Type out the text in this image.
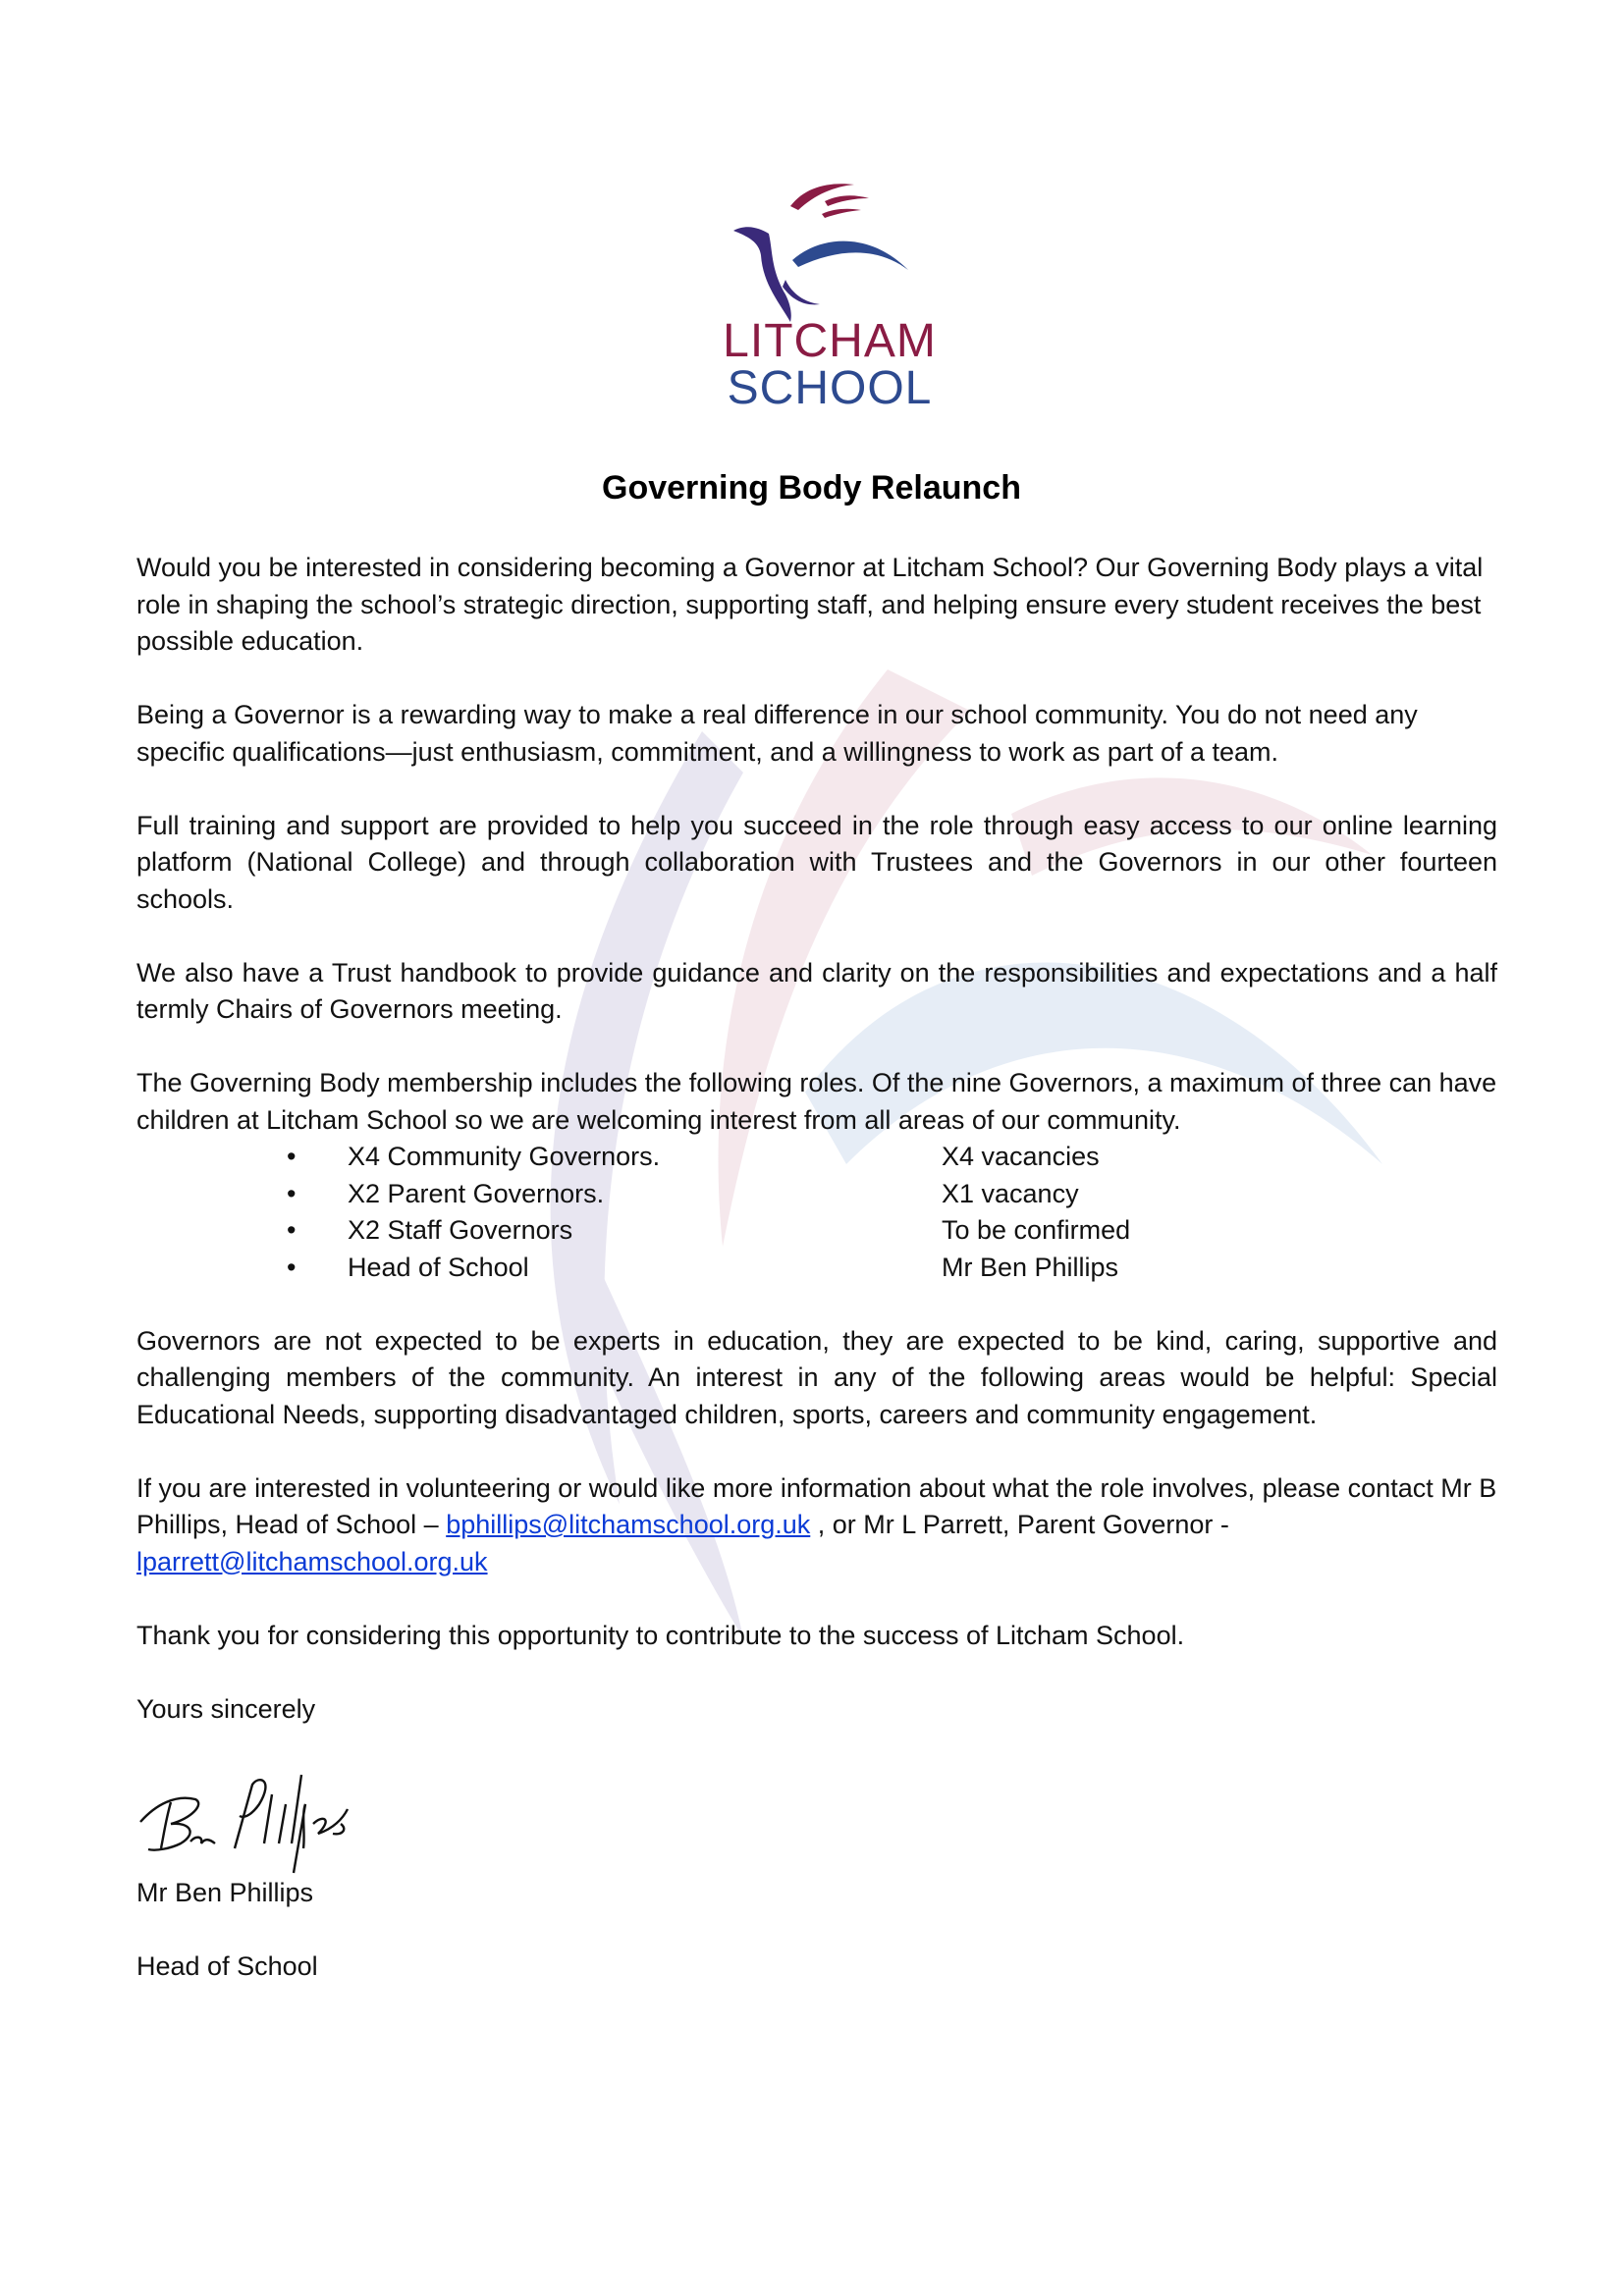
LITCHAM
SCHOOL
Governing Body Relaunch

Would you be interested in considering becoming a Governor at Litcham School? Our Governing Body plays a vital role in shaping the school’s strategic direction, supporting staff, and helping ensure every student receives the best possible education.

Being a Governor is a rewarding way to make a real difference in our school community. You do not need any specific qualifications—just enthusiasm, commitment, and a willingness to work as part of a team.

Full training and support are provided to help you succeed in the role through easy access to our online learning platform (National College) and through collaboration with Trustees and the Governors in our other fourteen schools.

We also have a Trust handbook to provide guidance and clarity on the responsibilities and expectations and a half termly Chairs of Governors meeting.

The Governing Body membership includes the following roles. Of the nine Governors, a maximum of three can have children at Litcham School so we are welcoming interest from all areas of our community.

•	X4 Community Governors.	X4 vacancies
•	X2 Parent Governors.	X1 vacancy
•	X2 Staff Governors	To be confirmed
•	Head of School	Mr Ben Phillips

Governors are not expected to be experts in education, they are expected to be kind, caring, supportive and challenging members of the community. An interest in any of the following areas would be helpful: Special Educational Needs, supporting disadvantaged children, sports, careers and community engagement.

If you are interested in volunteering or would like more information about what the role involves, please contact Mr B Phillips, Head of School – bphillips@litchamschool.org.uk , or Mr L Parrett, Parent Governor - lparrett@litchamschool.org.uk

Thank you for considering this opportunity to contribute to the success of Litcham School.

Yours sincerely

Mr Ben Phillips

Head of School
